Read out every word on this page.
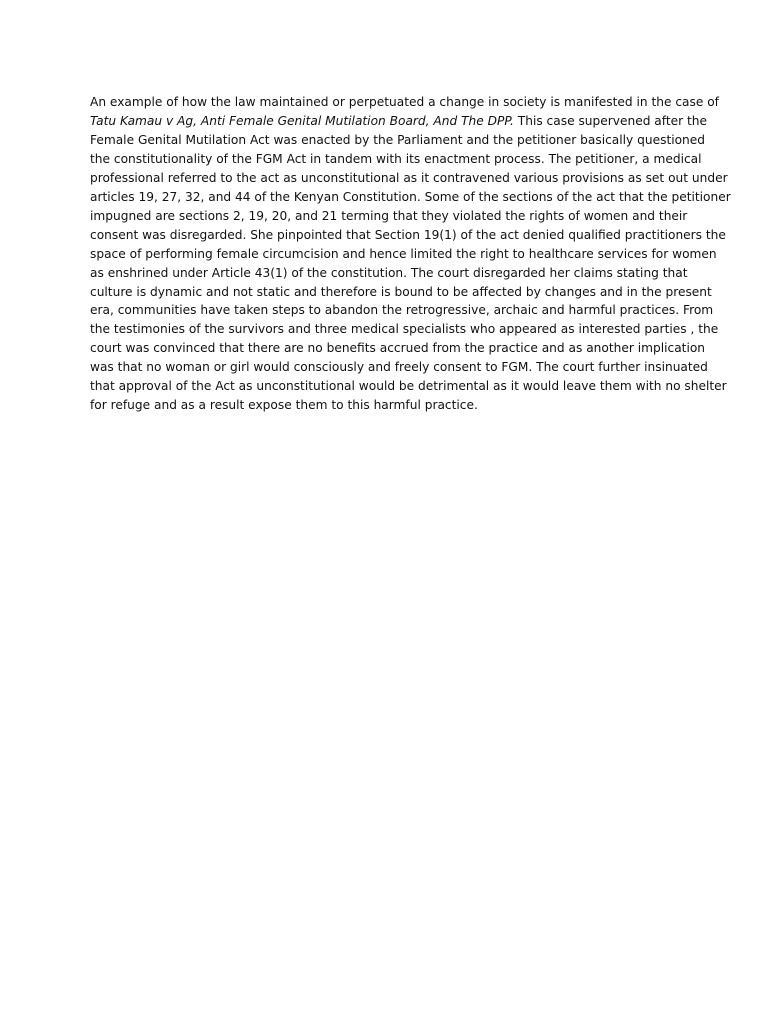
An example of how the law maintained or perpetuated a change in society is manifested in the case of
Tatu Kamau v Ag, Anti Female Genital Mutilation Board, And The DPP. This case supervened after the
Female Genital Mutilation Act was enacted by the Parliament and the petitioner basically questioned
the constitutionality of the FGM Act in tandem with its enactment process. The petitioner, a medical
professional referred to the act as unconstitutional as it contravened various provisions as set out under
articles 19, 27, 32, and 44 of the Kenyan Constitution. Some of the sections of the act that the petitioner
impugned are sections 2, 19, 20, and 21 terming that they violated the rights of women and their
consent was disregarded. She pinpointed that Section 19(1) of the act denied qualified practitioners the
space of performing female circumcision and hence limited the right to healthcare services for women
as enshrined under Article 43(1) of the constitution. The court disregarded her claims stating that
culture is dynamic and not static and therefore is bound to be affected by changes and in the present
era, communities have taken steps to abandon the retrogressive, archaic and harmful practices. From
the testimonies of the survivors and three medical specialists who appeared as interested parties , the
court was convinced that there are no benefits accrued from the practice and as another implication
was that no woman or girl would consciously and freely consent to FGM. The court further insinuated
that approval of the Act as unconstitutional would be detrimental as it would leave them with no shelter
for refuge and as a result expose them to this harmful practice.
